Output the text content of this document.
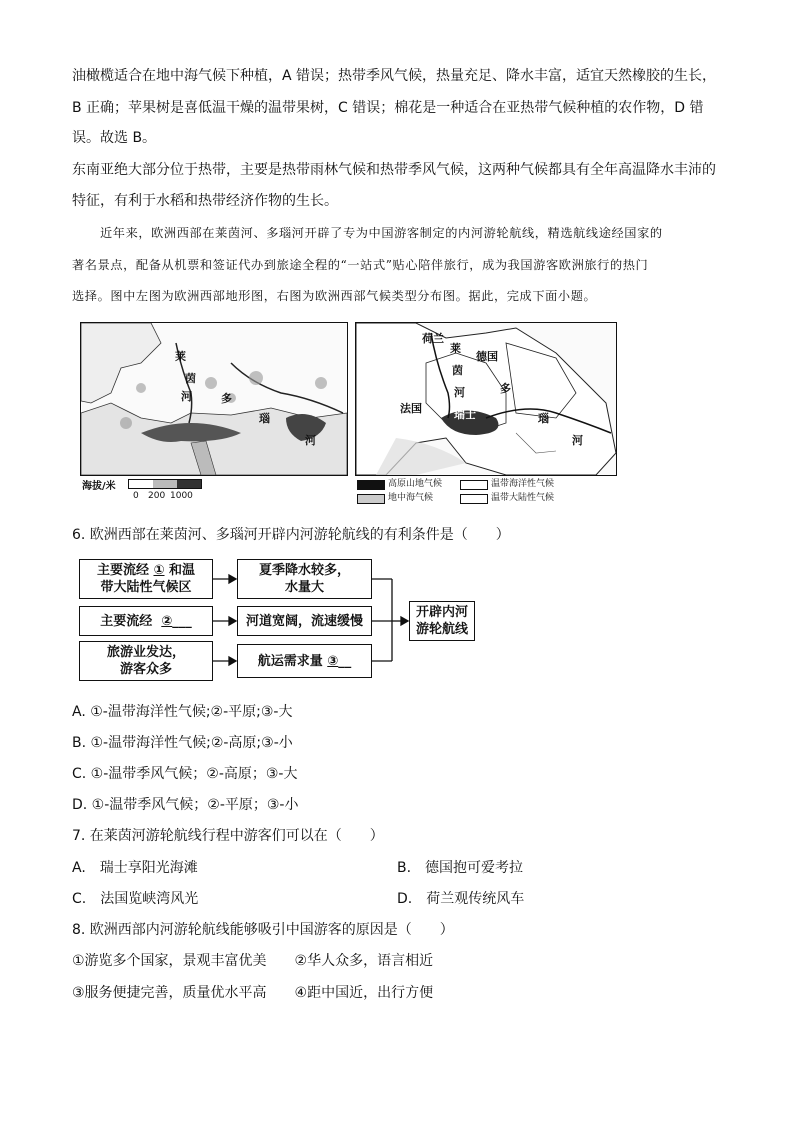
油橄榄适合在地中海气候下种植，A 错误；热带季风气候，热量充足、降水丰富，适宜天然橡胶的生长，
B 正确；苹果树是喜低温干燥的温带果树，C 错误；棉花是一种适合在亚热带气候种植的农作物，D 错
误。故选 B。
东南亚绝大部分位于热带，主要是热带雨林气候和热带季风气候，这两种气候都具有全年高温降水丰沛的
特征，有利于水稻和热带经济作物的生长。
近年来，欧洲西部在莱茵河、多瑙河开辟了专为中国游客制定的内河游轮航线，精选航线途经国家的
著名景点，配备从机票和签证代办到旅途全程的“一站式”贴心陪伴旅行，成为我国游客欧洲旅行的热门
选择。图中左图为欧洲西部地形图，右图为欧洲西部气候类型分布图。据此，完成下面小题。
莱
茵
河	多
瑙
河
海拔/米
0 200 1000
荷兰
德国
莱
茵
河
法国	瑞士
多
瑙
河
高原山地气候	温带海洋性气候
地中海气候	温带大陆性气候
6. 欧洲西部在莱茵河、多瑙河开辟内河游轮航线的有利条件是（　　）
主要流经 ① 和温
带大陆性气候区
主要流经 ②___
旅游业发达，
游客众多
夏季降水较多，
水量大
河道宽阔，流速缓慢
航运需求量 ③__
开辟内河
游轮航线
A. ①-温带海洋性气候;②-平原;③-大
B. ①-温带海洋性气候;②-高原;③-小
C. ①-温带季风气候；②-高原；③-大
D. ①-温带季风气候；②-平原；③-小
7. 在莱茵河游轮航线行程中游客们可以在（　　）
A.　瑞士享阳光海滩	B.　德国抱可爱考拉
C.　法国览峡湾风光	D.　荷兰观传统风车
8. 欧洲西部内河游轮航线能够吸引中国游客的原因是（　　）
①游览多个国家，景观丰富优美　　②华人众多，语言相近
③服务便捷完善，质量优水平高　　④距中国近，出行方便
